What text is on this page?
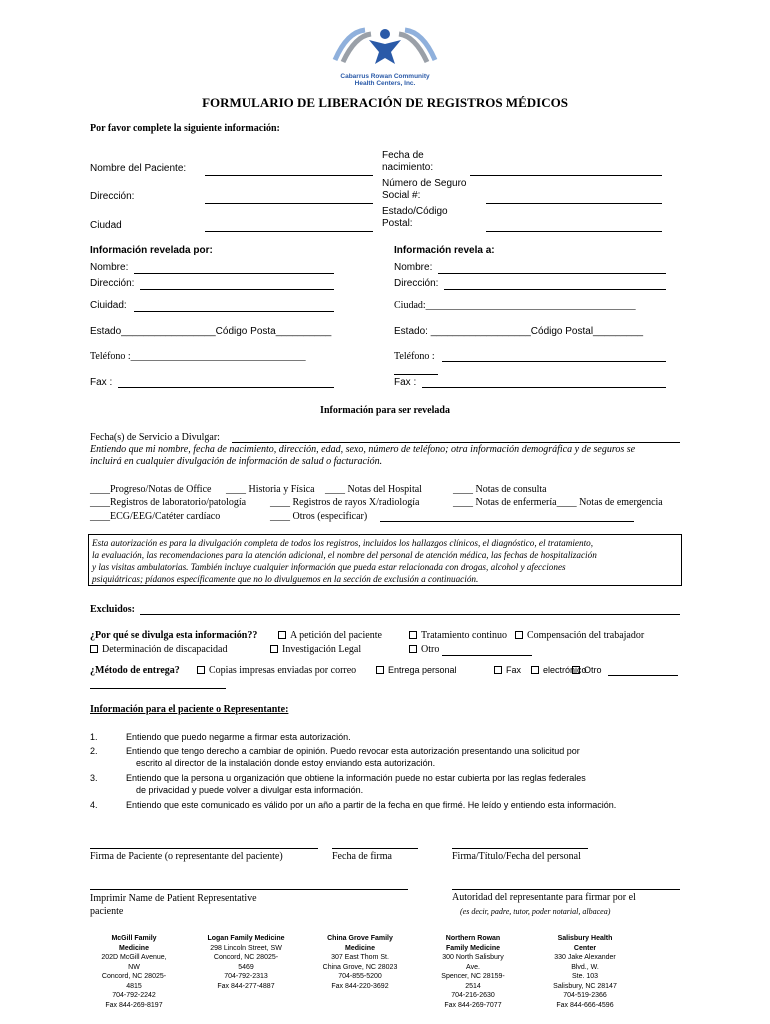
Cabarrus Rowan Community
Health Centers, Inc.
FORMULARIO DE LIBERACIÓN DE REGISTROS MÉDICOS
Por favor complete la siguiente información:
Nombre del Paciente:
Dirección:
Ciudad
Fecha de
nacimiento:
Número de Seguro
Social #:
Estado/Código
Postal:
Información revelada por:
Nombre:
Dirección:
Ciuidad:
Estado_________________Código Posta__________
Teléfono :___________________________________
Fax :
Información revela a:
Nombre:
Dirección:
Ciudad:__________________________________________
Estado: __________________Código Postal_________
Teléfono :
Fax :
Información para ser revelada
Fecha(s) de Servicio a Divulgar:
Entiendo que mi nombre, fecha de nacimiento, dirección, edad, sexo, número de teléfono; otra información demográfica y de seguros se
incluirá en cualquier divulgación de información de salud o facturación.
____Progreso/Notas de Office
____Registros de laboratorio/patología
____ECG/EEG/Catéter cardíaco
____ Historia y Física ____ Notas del Hospital
____ Registros de rayos X/radiología
____ Otros (especificar)
____ Notas de consulta
____ Notas de enfermería____ Notas de emergencia
Esta autorización es para la divulgación completa de todos los registros, incluidos los hallazgos clínicos, el diagnóstico, el tratamiento,
la evaluación, las recomendaciones para la atención adicional, el nombre del personal de atención médica, las fechas de hospitalización
y las visitas ambulatorias. También incluye cualquier información que pueda estar relacionada con drogas, alcohol y afecciones
psiquiátricas; pídanos específicamente que no lo divulguemos en la sección de exclusión a continuación.
Excluidos:
¿Por qué se divulga esta información??	A petición del paciente	Tratamiento continuo	Compensación del trabajador
Determinación de discapacidad	Investigación Legal	Otro
¿Método de entrega?	Copias impresas enviadas por correo	Entrega personal	Fax	electrónico
Otro
Información para el paciente o Representante:
1.	Entiendo que puedo negarme a firmar esta autorización.
2.	Entiendo que tengo derecho a cambiar de opinión. Puedo revocar esta autorización presentando una solicitud por
escrito al director de la instalación donde estoy enviando esta autorización.
3.	Entiendo que la persona u organización que obtiene la información puede no estar cubierta por las reglas federales
de privacidad y puede volver a divulgar esta información.
4.	Entiendo que este comunicado es válido por un año a partir de la fecha en que firmé. He leído y entiendo esta información.
Firma de Paciente (o representante del paciente)	Fecha de firma	Firma/Título/Fecha del personal
Imprimir Name de Patient Representative
paciente
Autoridad del representante para firmar por el
(es decir, padre, tutor, poder notarial, albacea)
McGill Family
Medicine
202D McGill Avenue,
NW
Concord, NC 28025-
4815
704-792-2242
Fax 844-269-8197
Logan Family Medicine
298 Lincoln Street, SW
Concord, NC 28025-
5469
704-792-2313
Fax 844-277-4887
China Grove Family
Medicine
307 East Thom St.
China Grove, NC 28023
704-855-5200
Fax 844-220-3692
Northern Rowan
Family Medicine
300 North Salisbury
Ave.
Spencer, NC 28159-
2514
704-216-2630
Fax 844-269-7077
Salisbury Health
Center
330 Jake Alexander
Blvd., W.
Ste. 103
Salisbury, NC 28147
704-519-2366
Fax 844-666-4596
